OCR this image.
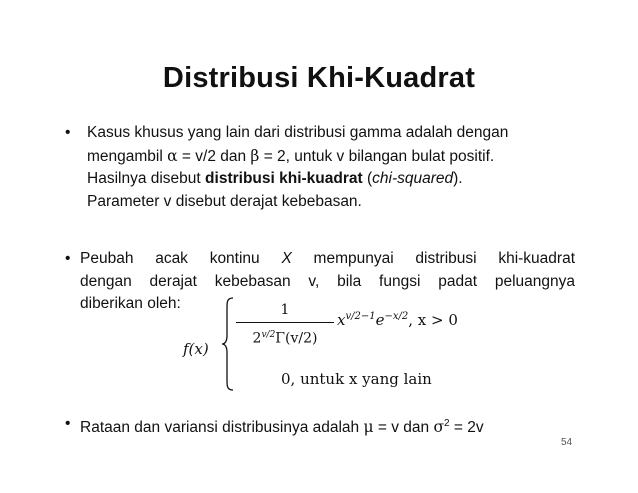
Distribusi Khi-Kuadrat
• Kasus khusus yang lain dari distribusi gamma adalah dengan
mengambil α = v/2 dan β = 2, untuk v bilangan bulat positif.
Hasilnya disebut distribusi khi-kuadrat (chi-squared).
Parameter v disebut derajat kebebasan.
• Peubah acak kontinu X mempunyai distribusi khi-kuadrat
dengan derajat kebebasan v, bila fungsi padat peluangnya
diberikan oleh:
f(x)
1
$2^{v/2}\Gamma(v/2)$
$x^{v/2-1}e^{-x/2}$, x > 0
0, untuk x yang lain
• Rataan dan variansi distribusinya adalah μ = v dan $\sigma^2 = 2v$
54
